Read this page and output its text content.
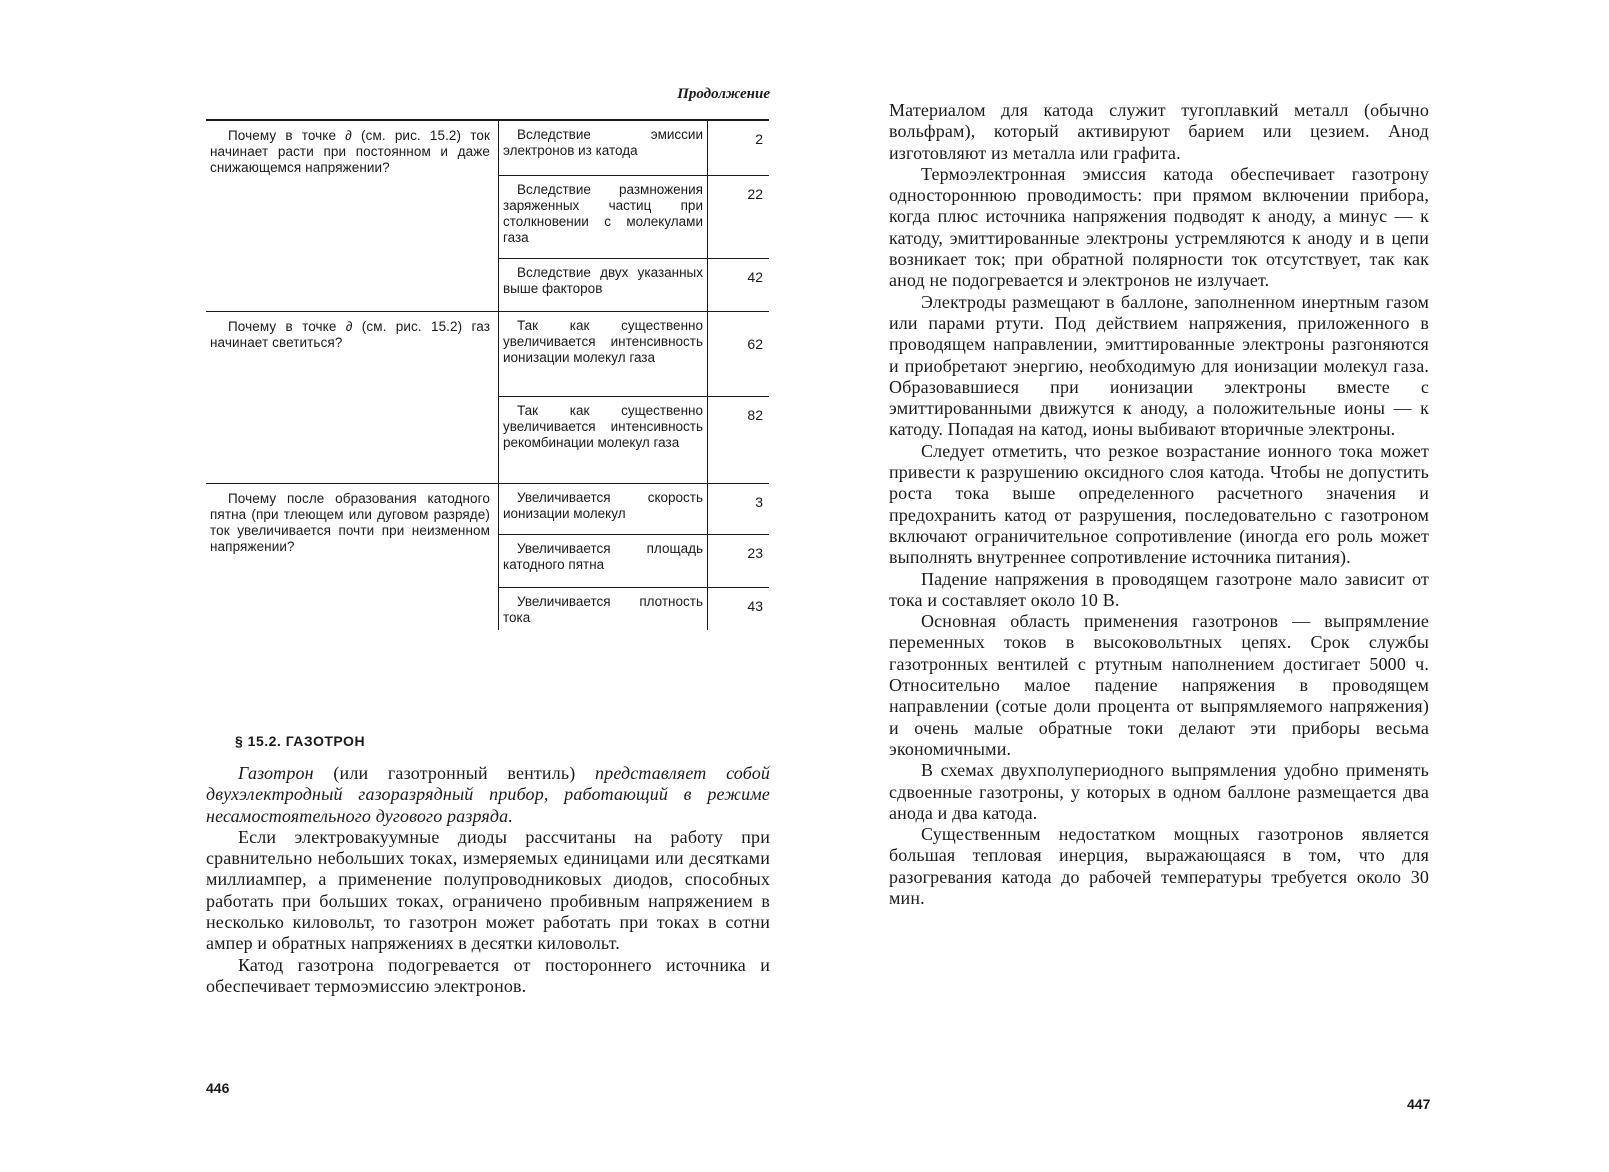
Продолжение
Почему в точке ∂ (см. рис. 15.2) ток начинает расти при постоянном и даже снижающемся напряжении?
Вследствие эмиссии электронов из катода
2
Вследствие размножения заряженных частиц при столкновении с молекулами газа
22
Вследствие двух указанных выше факторов
42
Почему в точке ∂ (см. рис. 15.2) газ начинает светиться?
Так как существенно увеличивается интенсивность ионизации молекул газа
62
Так как существенно увеличивается интенсивность рекомбинации молекул газа
82
Почему после образования катодного пятна (при тлеющем или дуговом разряде) ток увеличивается почти при неизменном напряжении?
Увеличивается скорость ионизации молекул
3
Увеличивается площадь катодного пятна
23
Увеличивается плотность тока
43
§ 15.2. ГАЗОТРОН

Газотрон (или газотронный вентиль) представляет собой двухэлектродный газоразрядный прибор, работающий в режиме несамостоятельного дугового разряда.

Если электровакуумные диоды рассчитаны на работу при сравнительно небольших токах, измеряемых единицами или десятками миллиампер, а применение полупроводниковых диодов, способных работать при больших токах, ограничено пробивным напряжением в несколько киловольт, то газотрон может работать при токах в сотни ампер и обратных напряжениях в десятки киловольт.

Катод газотрона подогревается от постороннего источника и обеспечивает термоэмиссию электронов.

446

Материалом для катода служит тугоплавкий металл (обычно вольфрам), который активируют барием или цезием. Анод изготовляют из металла или графита.

Термоэлектронная эмиссия катода обеспечивает газотрону одностороннюю проводимость: при прямом включении прибора, когда плюс источника напряжения подводят к аноду, а минус — к катоду, эмиттированные электроны устремляются к аноду и в цепи возникает ток; при обратной полярности ток отсутствует, так как анод не подогревается и электронов не излучает.

Электроды размещают в баллоне, заполненном инертным газом или парами ртути. Под действием напряжения, приложенного в проводящем направлении, эмиттированные электроны разгоняются и приобретают энергию, необходимую для ионизации молекул газа. Образовавшиеся при ионизации электроны вместе с эмиттированными движутся к аноду, а положительные ионы — к катоду. Попадая на катод, ионы выбивают вторичные электроны.

Следует отметить, что резкое возрастание ионного тока может привести к разрушению оксидного слоя катода. Чтобы не допустить роста тока выше определенного расчетного значения и предохранить катод от разрушения, последовательно с газотроном включают ограничительное сопротивление (иногда его роль может выполнять внутреннее сопротивление источника питания).

Падение напряжения в проводящем газотроне мало зависит от тока и составляет около 10 В.

Основная область применения газотронов — выпрямление переменных токов в высоковольтных цепях. Срок службы газотронных вентилей с ртутным наполнением достигает 5000 ч. Относительно малое падение напряжения в проводящем направлении (сотые доли процента от выпрямляемого напряжения) и очень малые обратные токи делают эти приборы весьма экономичными.

В схемах двухполупериодного выпрямления удобно применять сдвоенные газотроны, у которых в одном баллоне размещается два анода и два катода.

Существенным недостатком мощных газотронов является большая тепловая инерция, выражающаяся в том, что для разогревания катода до рабочей температуры требуется около 30 мин.

447
